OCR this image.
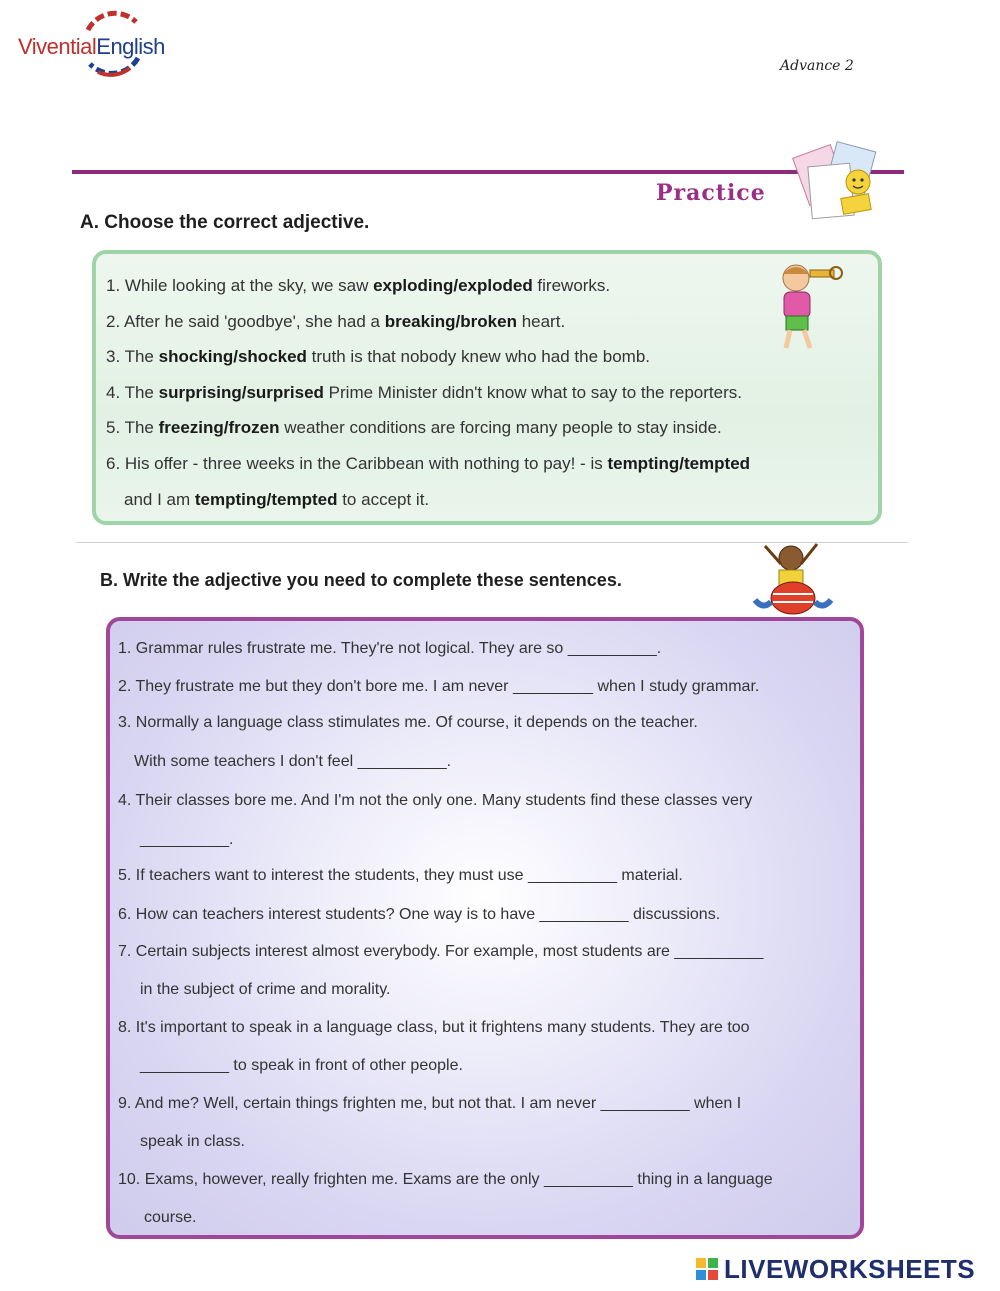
ViventialEnglish
Advance 2
Practice
A. Choose the correct adjective.
1. While looking at the sky, we saw exploding/exploded fireworks.
2. After he said 'goodbye', she had a breaking/broken heart.
3. The shocking/shocked truth is that nobody knew who had the bomb.
4. The surprising/surprised Prime Minister didn't know what to say to the reporters.
5. The freezing/frozen weather conditions are forcing many people to stay inside.
6. His offer - three weeks in the Caribbean with nothing to pay! - is tempting/tempted
and I am tempting/tempted to accept it.
B. Write the adjective you need to complete these sentences.
1. Grammar rules frustrate me. They're not logical. They are so __________.
2. They frustrate me but they don't bore me. I am never _________ when I study grammar.
3. Normally a language class stimulates me. Of course, it depends on the teacher.
With some teachers I don't feel __________.
4. Their classes bore me. And I'm not the only one. Many students find these classes very
__________.
5. If teachers want to interest the students, they must use __________ material.
6. How can teachers interest students? One way is to have __________ discussions.
7. Certain subjects interest almost everybody. For example, most students are __________
in the subject of crime and morality.
8. It's important to speak in a language class, but it frightens many students. They are too
__________ to speak in front of other people.
9. And me? Well, certain things frighten me, but not that. I am never __________ when I
speak in class.
10. Exams, however, really frighten me. Exams are the only __________ thing in a language
course.
LIVEWORKSHEETS
